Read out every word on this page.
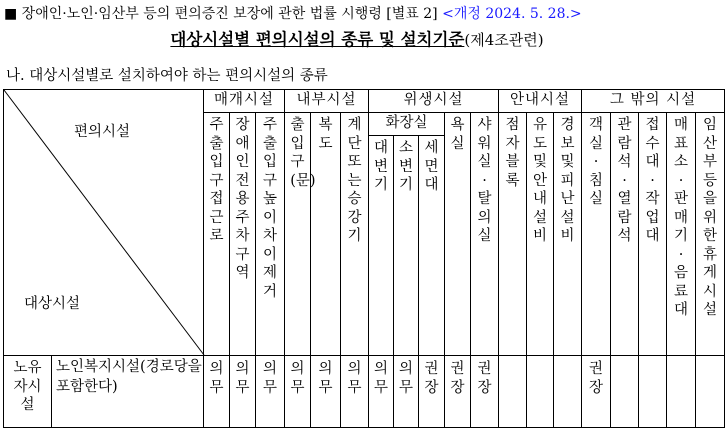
■ 장애인·노인·임산부 등의 편의증진 보장에 관한 법률 시행령 [별표 2] <개정 2024. 5. 28.>
대상시설별 편의시설의 종류 및 설치기준(제4조관련)
나. 대상시설별로 설치하여야 하는 편의시설의 종류
편의시설
대상시설		매개시설			내부시설			위생시설					안내시설			그 밖의 시설				
		주출입구접근로	장애인전용주차구역	주출입구높이차이제거	출입구(문)	복도	계단또는승강기	화장실			욕실	샤워실·탈의실	점자블록	유도및안내설비	경보및피난설비	객실·침실	관람석·열람석	접수대·작업대	매표소·판매기·음료대	임산부등을위한휴게시설
								대변기	소변기	세면대										
노유자시설	노인복지시설(경로당을 포함한다)	의무	의무	의무	의무	의무	의무	의무	의무	권장	권장	권장				권장				
